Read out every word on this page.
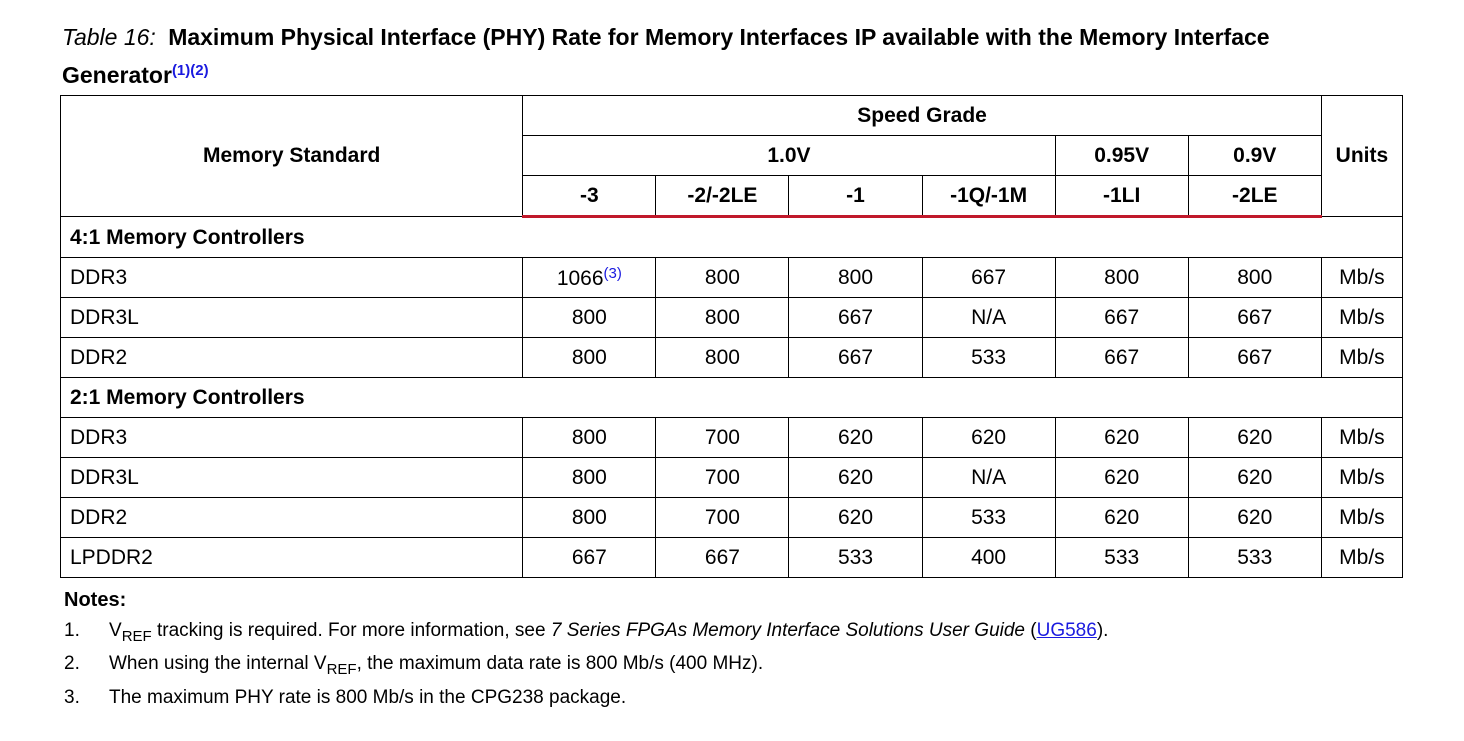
Table 16: Maximum Physical Interface (PHY) Rate for Memory Interfaces IP available with the Memory Interface Generator$^{(1)(2)}$
Memory Standard	Speed Grade						Units
	1.0V				0.95V	0.9V	
	-3	-2/-2LE	-1	-1Q/-1M	-1LI	-2LE	
4:1 Memory Controllers							
DDR3	1066$^{(3)}$	800	800	667	800	800	Mb/s
DDR3L	800	800	667	N/A	667	667	Mb/s
DDR2	800	800	667	533	667	667	Mb/s
2:1 Memory Controllers							
DDR3	800	700	620	620	620	620	Mb/s
DDR3L	800	700	620	N/A	620	620	Mb/s
DDR2	800	700	620	533	620	620	Mb/s
LPDDR2	667	667	533	400	533	533	Mb/s
Notes:
1.	$V_{REF}$ tracking is required. For more information, see 7 Series FPGAs Memory Interface Solutions User Guide (UG586).
2.	When using the internal $V_{REF}$, the maximum data rate is 800 Mb/s (400 MHz).
3.	The maximum PHY rate is 800 Mb/s in the CPG238 package.
